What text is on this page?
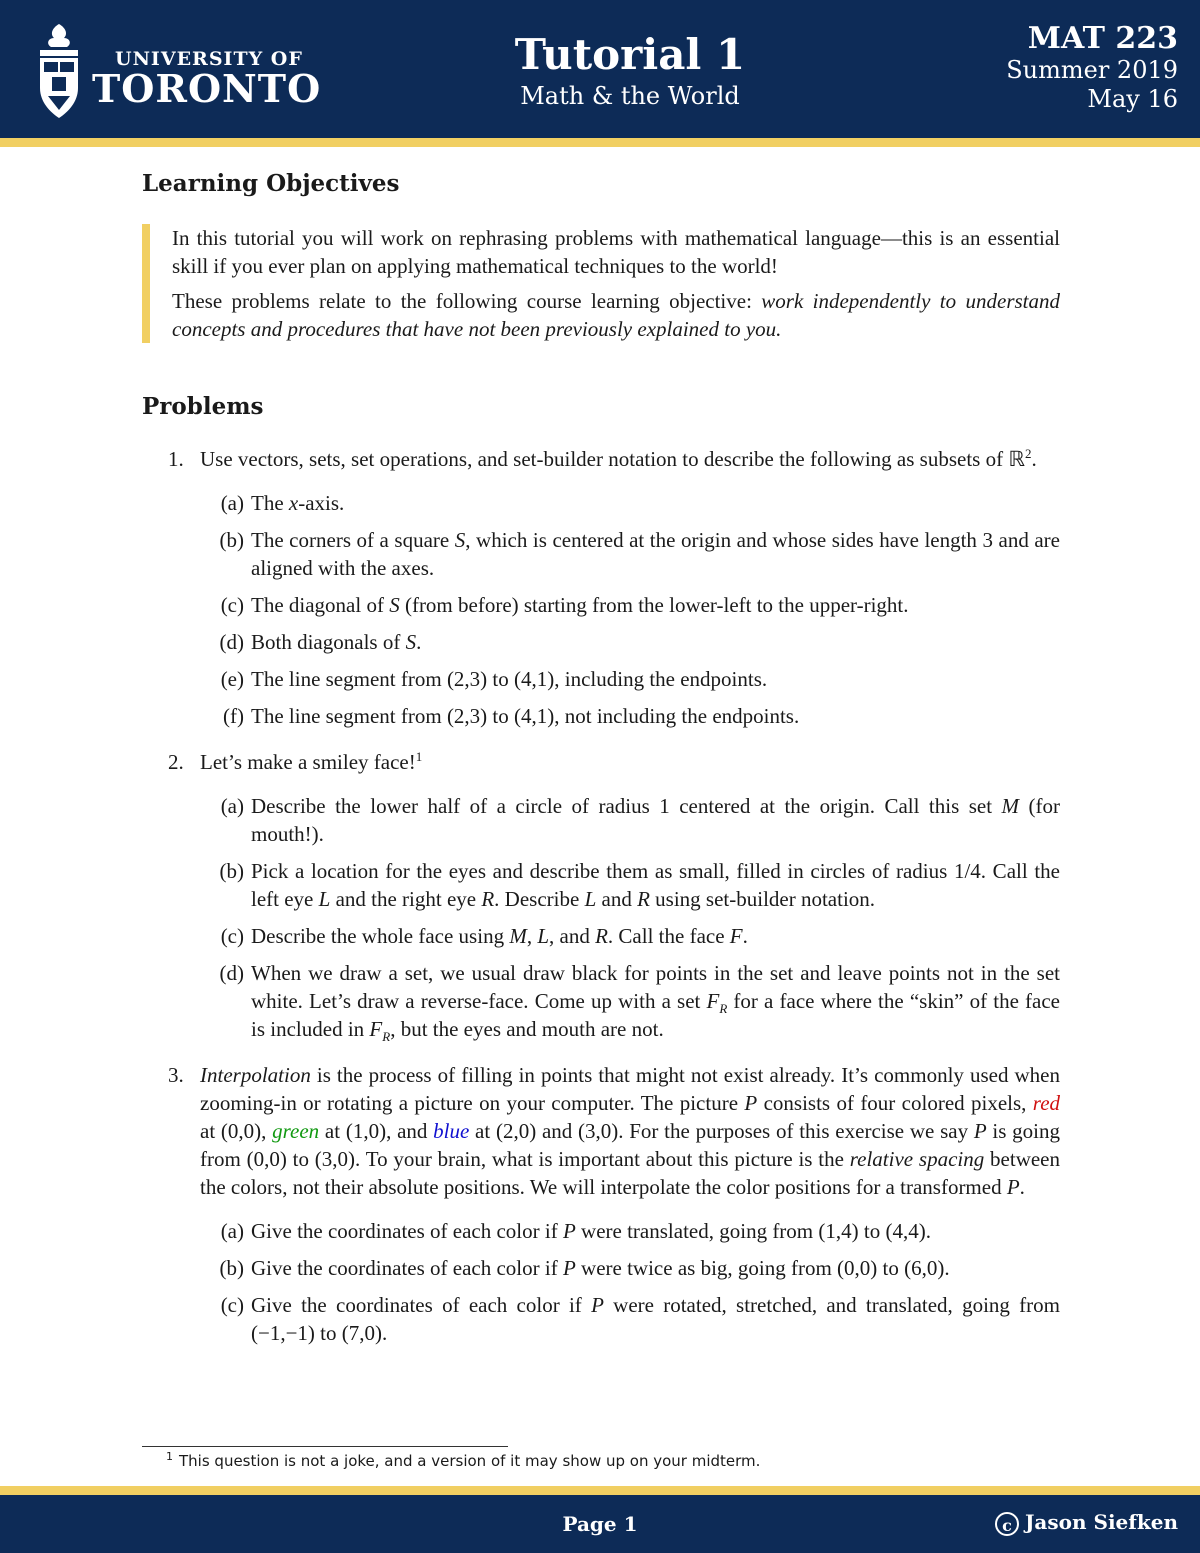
UNIVERSITY OF
TORONTO
Tutorial 1
Math & the World
MAT 223
Summer 2019
May 16
Learning Objectives

In this tutorial you will work on rephrasing problems with mathematical language—this is an essential skill if you ever plan on applying mathematical techniques to the world!

These problems relate to the following course learning objective: work independently to understand concepts and procedures that have not been previously explained to you.

Problems
1. Use vectors, sets, set operations, and set-builder notation to describe the following as subsets of ℝ$^2$.
(a) The x-axis.
(b) The corners of a square S, which is centered at the origin and whose sides have length 3 and are aligned with the axes.
(c) The diagonal of S (from before) starting from the lower-left to the upper-right.
(d) Both diagonals of S.
(e) The line segment from (2,3) to (4,1), including the endpoints.
(f) The line segment from (2,3) to (4,1), not including the endpoints.
2. Let’s make a smiley face!$^1$
(a) Describe the lower half of a circle of radius 1 centered at the origin. Call this set M (for mouth!).
(b) Pick a location for the eyes and describe them as small, filled in circles of radius 1/4. Call the left eye L and the right eye R. Describe L and R using set-builder notation.
(c) Describe the whole face using M, L, and R. Call the face F.
(d) When we draw a set, we usual draw black for points in the set and leave points not in the set white. Let’s draw a reverse-face. Come up with a set $F_R$ for a face where the “skin” of the face is included in $F_R$, but the eyes and mouth are not.
3. Interpolation is the process of filling in points that might not exist already. It’s commonly used when zooming-in or rotating a picture on your computer. The picture P consists of four colored pixels, red at (0,0), green at (1,0), and blue at (2,0) and (3,0). For the purposes of this exercise we say P is going from (0,0) to (3,0). To your brain, what is important about this picture is the relative spacing between the colors, not their absolute positions. We will interpolate the color positions for a transformed P.
(a) Give the coordinates of each color if P were translated, going from (1,4) to (4,4).
(b) Give the coordinates of each color if P were twice as big, going from (0,0) to (6,0).
(c) Give the coordinates of each color if P were rotated, stretched, and translated, going from (−1,−1) to (7,0).
$^1$ This question is not a joke, and a version of it may show up on your midterm.
Page 1	c Jason Siefken
